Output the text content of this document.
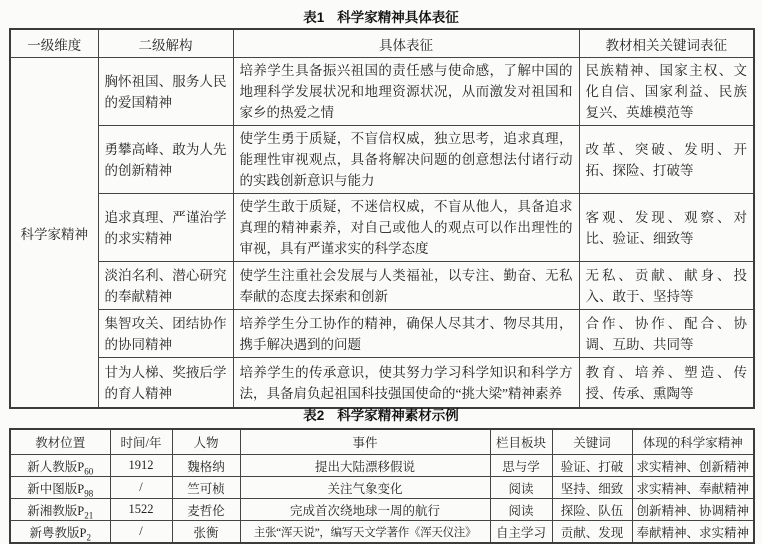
表1 科学家精神具体表征
一级维度	二级解构	具体表征	教材相关关键词表征
科学家精神	胸怀祖国、服务人民的爱国精神	培养学生具备振兴祖国的责任感与使命感，了解中国的地理科学发展状况和地理资源状况，从而激发对祖国和家乡的热爱之情	民族精神、国家主权、文化自信、国家利益、民族复兴、英雄模范等
	勇攀高峰、敢为人先的创新精神	使学生勇于质疑，不盲信权威，独立思考，追求真理，能理性审视观点，具备将解决问题的创意想法付诸行动的实践创新意识与能力	改革、突破、发明、开拓、探险、打破等
	追求真理、严谨治学的求实精神	使学生敢于质疑，不迷信权威，不盲从他人，具备追求真理的精神素养，对自己或他人的观点可以作出理性的审视，具有严谨求实的科学态度	客观、发现、观察、对比、验证、细致等
	淡泊名利、潜心研究的奉献精神	使学生注重社会发展与人类福祉，以专注、勤奋、无私奉献的态度去探索和创新	无私、贡献、献身、投入、敢于、坚持等
	集智攻关、团结协作的协同精神	培养学生分工协作的精神，确保人尽其才、物尽其用，携手解决遇到的问题	合作、协作、配合、协调、互助、共同等
	甘为人梯、奖掖后学的育人精神	培养学生的传承意识，使其努力学习科学知识和科学方法，具备肩负起祖国科技强国使命的“挑大梁”精神素养	教育、培养、塑造、传授、传承、熏陶等
表2 科学家精神素材示例
教材位置	时间/年	人物	事件	栏目板块	关键词	体现的科学家精神
新人教版$P_{60}$	1912	魏格纳	提出大陆漂移假说	思与学	验证、打破	求实精神、创新精神
新中图版$P_{98}$	/	竺可桢	关注气象变化	阅读	坚持、细致	求实精神、奉献精神
新湘教版$P_{21}$	1522	麦哲伦	完成首次绕地球一周的航行	阅读	探险、队伍	创新精神、协调精神
新粤教版$P_2$	/	张衡	主张“浑天说”，编写天文学著作《浑天仪注》	自主学习	贡献、发现	奉献精神、求实精神
